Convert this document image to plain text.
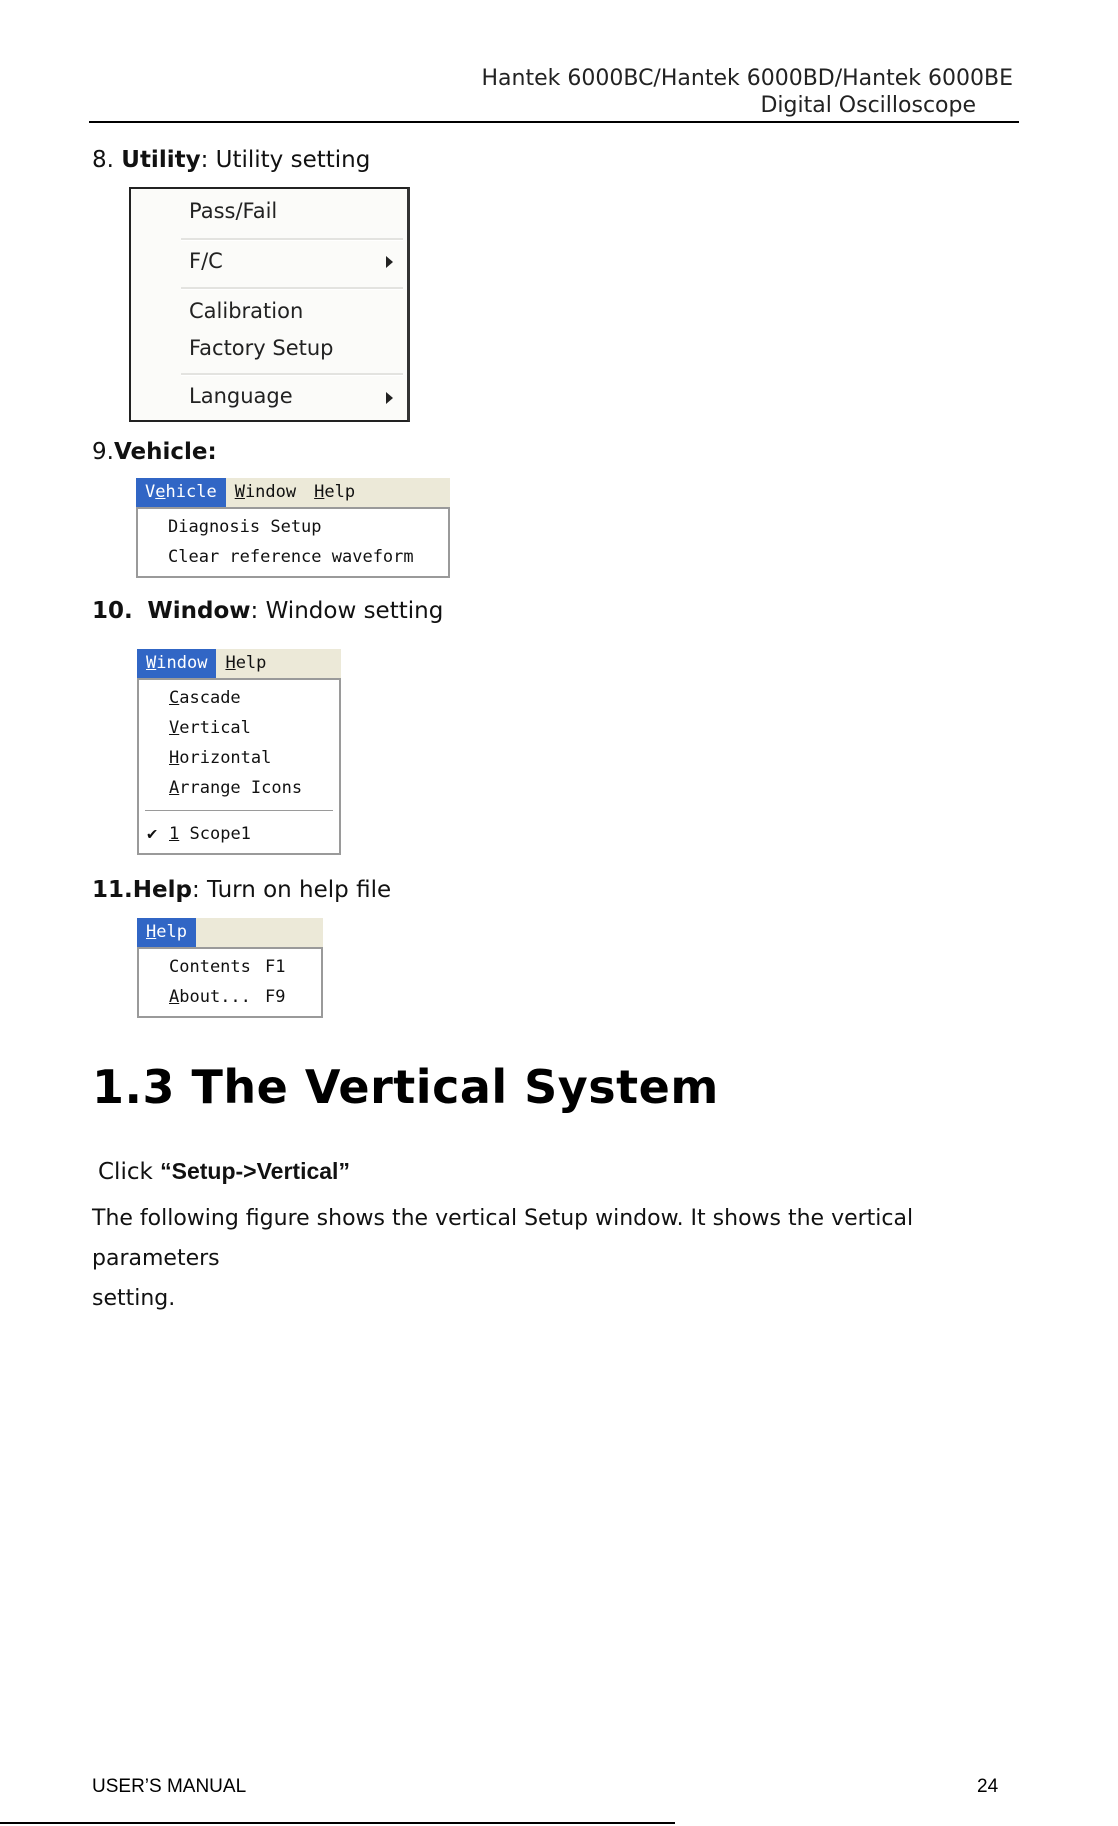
Hantek 6000BC/Hantek 6000BD/Hantek 6000BE
Digital Oscilloscope
8. Utility: Utility setting
Pass/Fail
F/C
Calibration
Factory Setup
Language
9.Vehicle:
Vehicle	Window	Help
Diagnosis Setup
Clear reference waveform
10. Window: Window setting
Window	Help
Cascade
Vertical
Horizontal
Arrange Icons
✔ 1 Scope1
11.Help: Turn on help file
Help
Contents F1
About... F9
1.3 The Vertical System
Click “Setup->Vertical”
The following figure shows the vertical Setup window. It shows the vertical parameters
setting.
USER’S MANUAL	24
